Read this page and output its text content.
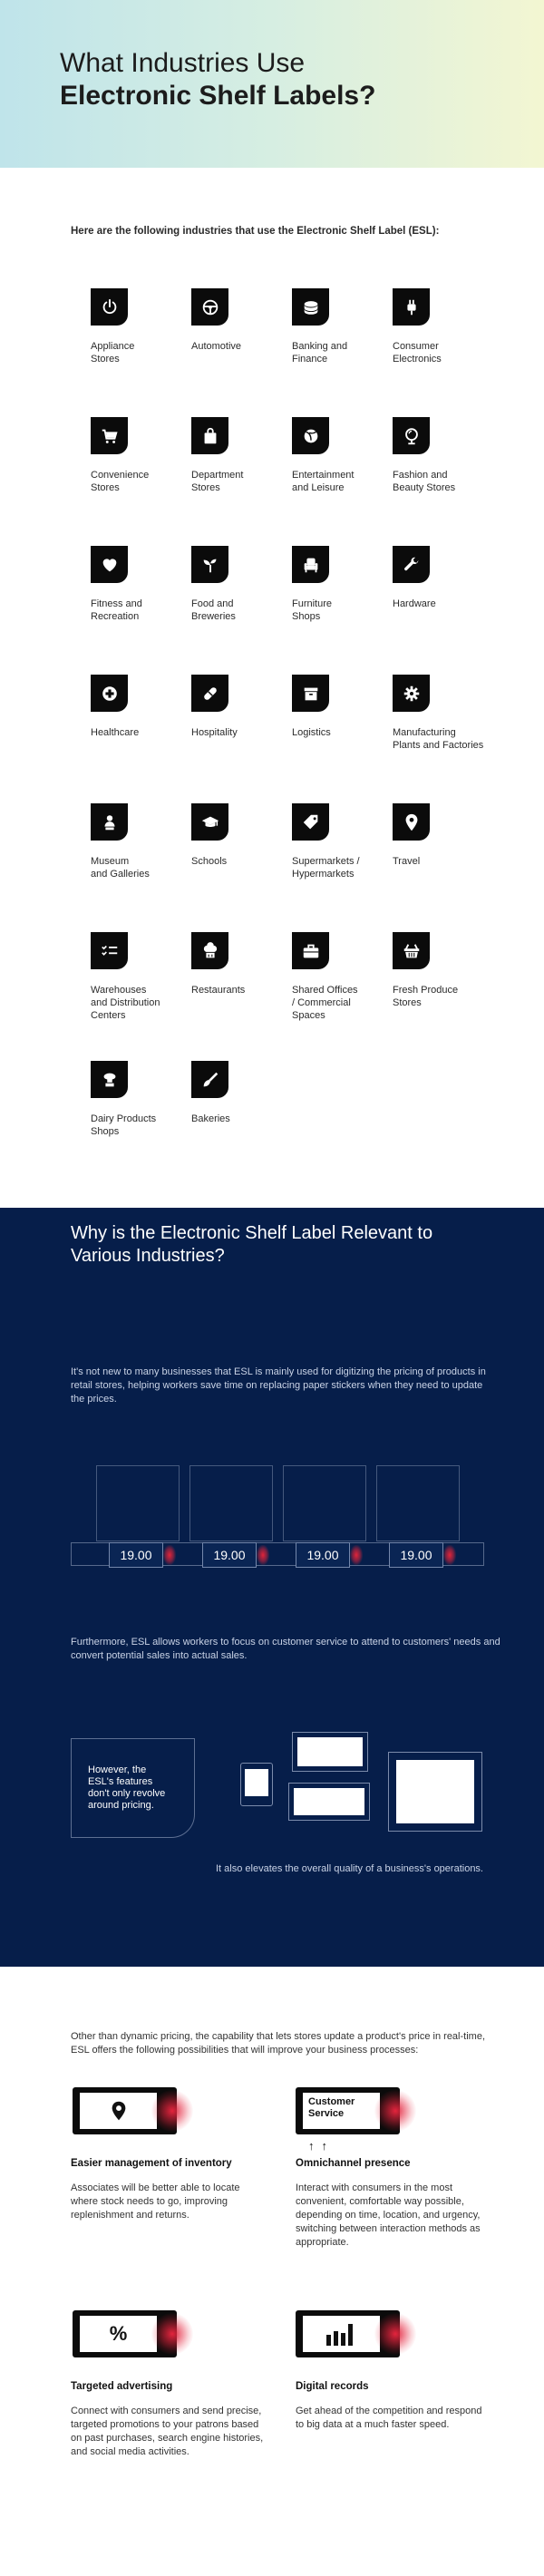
What Industries Use
Electronic Shelf Labels?

Here are the following industries that use the Electronic Shelf Label (ESL):

Appliance
Stores
Automotive	Banking and
Finance
Consumer
Electronics
Convenience
Stores
Department
Stores
Entertainment
and Leisure
Fashion and
Beauty Stores
Fitness and
Recreation
Food and
Breweries
Furniture
Shops
Hardware
Healthcare	Hospitality	Logistics	Manufacturing
Plants and Factories
Museum
and Galleries
Schools	Supermarkets /
Hypermarkets
Travel
Warehouses
and Distribution
Centers
Restaurants	Shared Offices
/ Commercial
Spaces
Fresh Produce
Stores
Dairy Products
Shops
Bakeries
Why is the Electronic Shelf Label Relevant to Various Industries?

It's not new to many businesses that ESL is mainly used for digitizing the pricing of products in retail stores, helping workers save time on replacing paper stickers when they need to update the prices.

19.00	19.00	19.00	19.00

Furthermore, ESL allows workers to focus on customer service to attend to customers' needs and convert potential sales into actual sales.

However, the ESL's features don't only revolve around pricing.

It also elevates the overall quality of a business's operations.

Other than dynamic pricing, the capability that lets stores update a product's price in real-time, ESL offers the following possibilities that will improve your business processes:

Easier management of inventory

Associates will be better able to locate where stock needs to go, improving replenishment and returns.

Customer Service
↑↑
Omnichannel presence

Interact with consumers in the most convenient, comfortable way possible, depending on time, location, and urgency, switching between interaction methods as appropriate.

%
Targeted advertising

Connect with consumers and send precise, targeted promotions to your patrons based on past purchases, search engine histories, and social media activities.

Digital records

Get ahead of the competition and respond to big data at a much faster speed.
